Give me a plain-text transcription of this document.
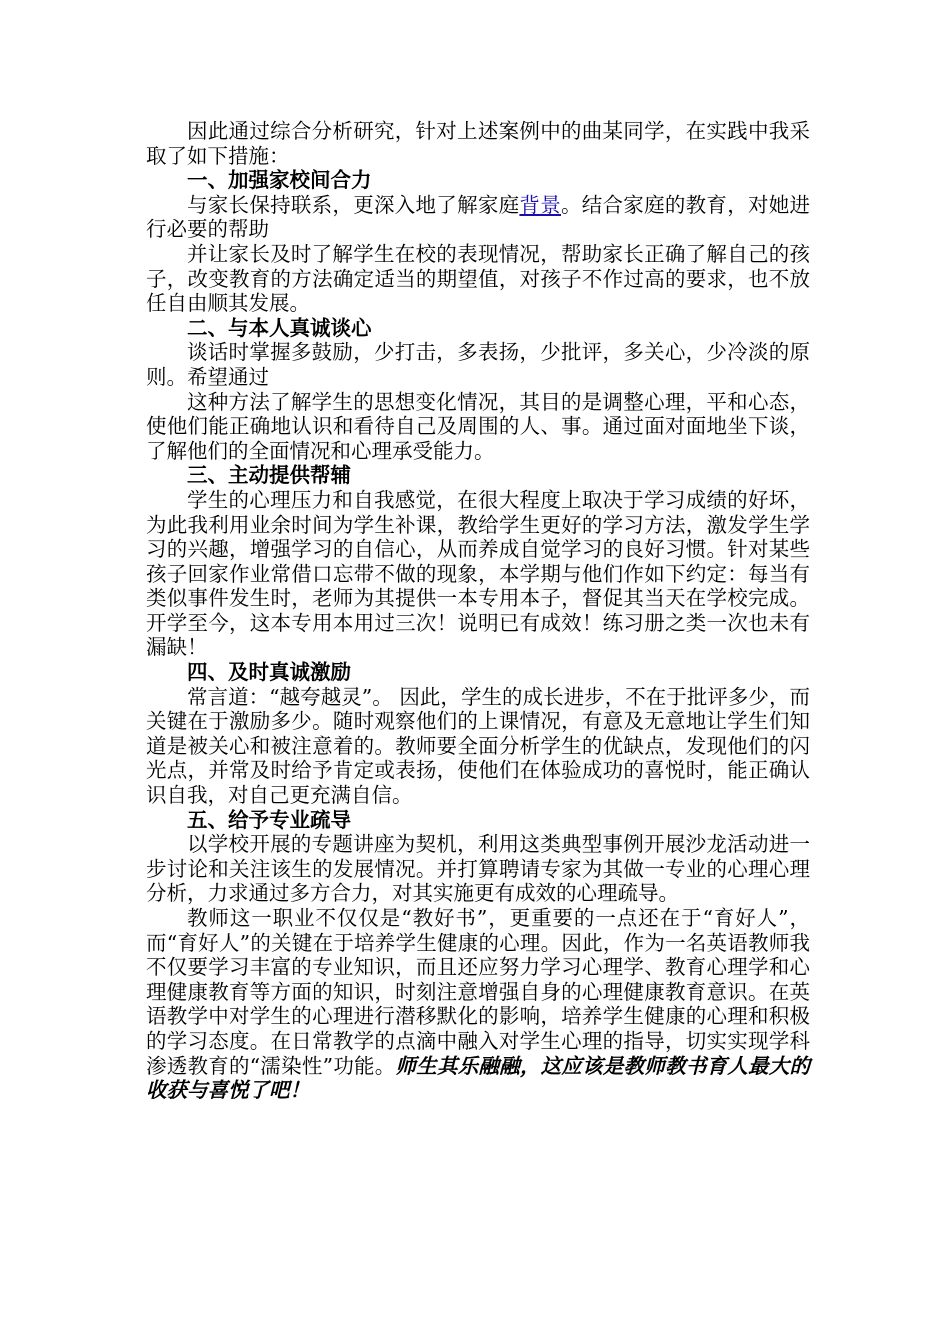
因此通过综合分析研究，针对上述案例中的曲某同学，在实践中我采取了如下措施：

一、加强家校间合力

与家长保持联系，更深入地了解家庭背景。结合家庭的教育，对她进行必要的帮助

并让家长及时了解学生在校的表现情况，帮助家长正确了解自己的孩子，改变教育的方法确定适当的期望值，对孩子不作过高的要求，也不放任自由顺其发展。

二、与本人真诚谈心

谈话时掌握多鼓励，少打击，多表扬，少批评，多关心，少冷淡的原则。希望通过

这种方法了解学生的思想变化情况，其目的是调整心理，平和心态，使他们能正确地认识和看待自己及周围的人、事。通过面对面地坐下谈，了解他们的全面情况和心理承受能力。

三、主动提供帮辅

学生的心理压力和自我感觉，在很大程度上取决于学习成绩的好坏，为此我利用业余时间为学生补课，教给学生更好的学习方法，激发学生学习的兴趣，增强学习的自信心，从而养成自觉学习的良好习惯。针对某些孩子回家作业常借口忘带不做的现象，本学期与他们作如下约定：每当有类似事件发生时，老师为其提供一本专用本子，督促其当天在学校完成。开学至今，这本专用本用过三次！说明已有成效！练习册之类一次也未有漏缺！

四、及时真诚激励

常言道：“越夸越灵”。 因此，学生的成长进步，不在于批评多少，而关键在于激励多少。随时观察他们的上课情况，有意及无意地让学生们知道是被关心和被注意着的。教师要全面分析学生的优缺点，发现他们的闪光点，并常及时给予肯定或表扬，使他们在体验成功的喜悦时，能正确认识自我，对自己更充满自信。

五、给予专业疏导

以学校开展的专题讲座为契机，利用这类典型事例开展沙龙活动进一步讨论和关注该生的发展情况。并打算聘请专家为其做一专业的心理心理分析，力求通过多方合力，对其实施更有成效的心理疏导。

教师这一职业不仅仅是“教好书”，更重要的一点还在于“育好人”，而“育好人”的关键在于培养学生健康的心理。因此，作为一名英语教师我不仅要学习丰富的专业知识，而且还应努力学习心理学、教育心理学和心理健康教育等方面的知识，时刻注意增强自身的心理健康教育意识。在英语教学中对学生的心理进行潜移默化的影响，培养学生健康的心理和积极的学习态度。在日常教学的点滴中融入对学生心理的指导，切实实现学科渗透教育的“濡染性”功能。师生其乐融融，这应该是教师教书育人最大的收获与喜悦了吧！
